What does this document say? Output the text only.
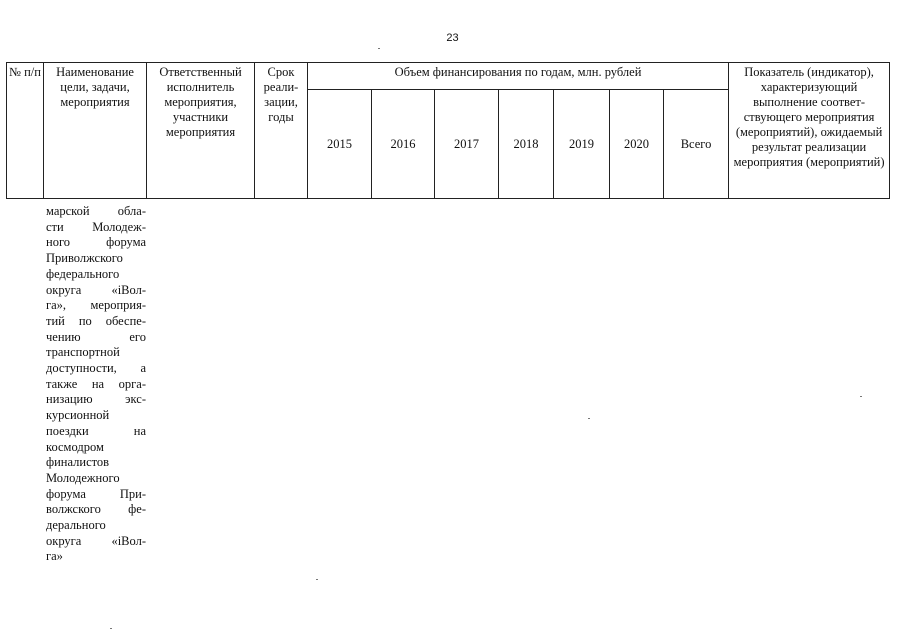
23
№ п/п	Наименование цели, задачи, мероприятия	Ответственный исполнитель мероприятия, участники мероприятия	Срок реали-зации, годы	Объем финансирования по годам, млн. рублей							Показатель (индикатор), характеризующий выполнение соответ-ствующего мероприятия (мероприятий), ожидаемый результат реализации мероприятия (мероприятий)
				2015	2016	2017	2018	2019	2020	Всего	
марской обла-
сти Молодеж-
ного форума
Приволжского
федерального
округа «iВол-
га», мероприя-
тий по обеспе-
чению его
транспортной
доступности, а
также на орга-
низацию экс-
курсионной
поездки на
космодром
финалистов
Молодежного
форума При-
волжского фе-
дерального
округа «iВол-
га»
